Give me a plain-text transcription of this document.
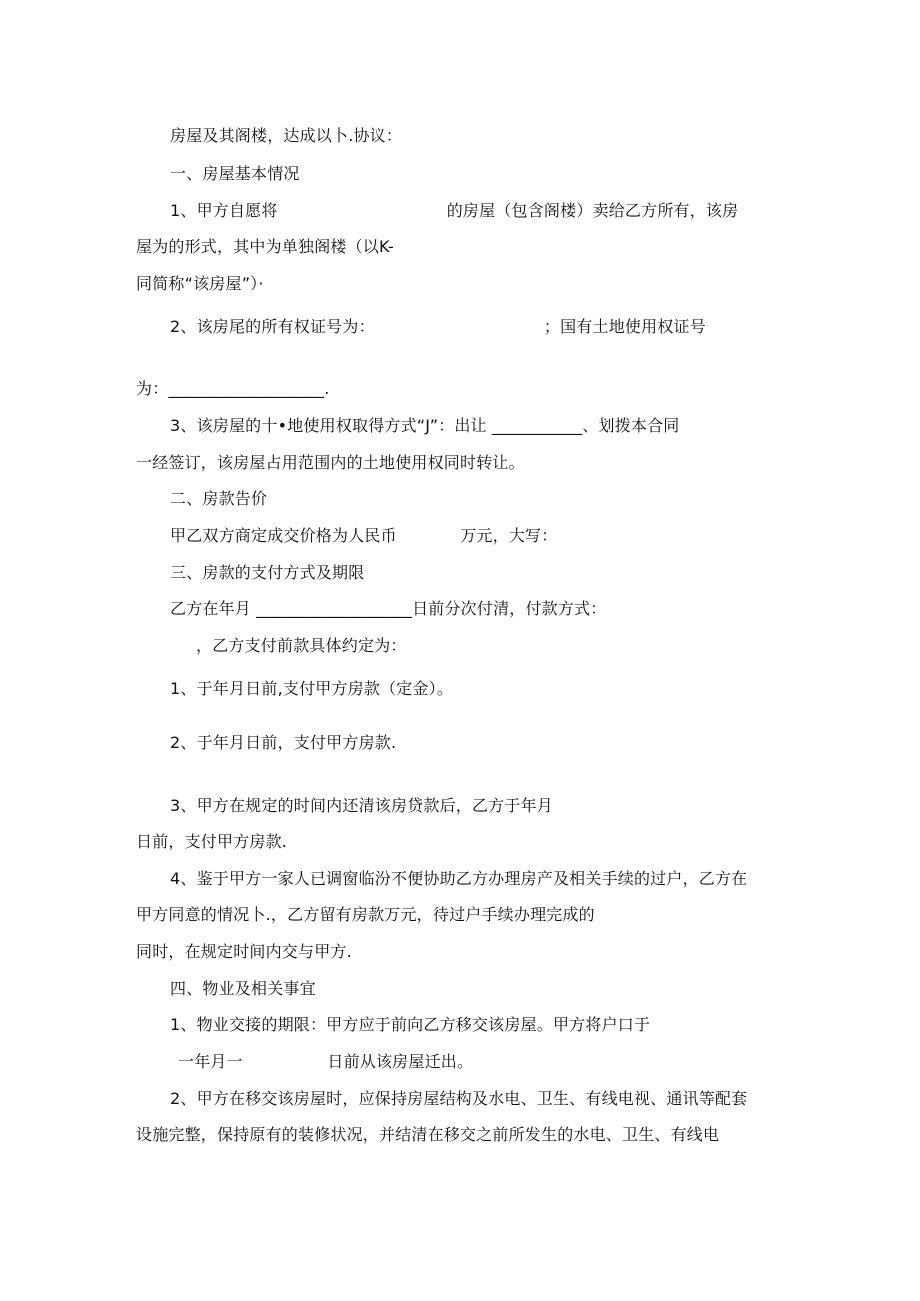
房屋及其阁楼，达成以卜.协议：
一、房屋基本情况
1、甲方自愿将                                的房屋（包含阁楼）卖给乙方所有，该房
屋为的形式，其中为单独阁楼（以K-
同简称“该房屋”）·
2、该房尾的所有权证号为：                                ；国有土地使用权证号
为：___________________.
3、该房屋的十•地使用权取得方式“J”：出让 ___________、划拨本合同
一经签订，该房屋占用范围内的土地使用权同时转让。
二、房款告价
甲乙双方商定成交价格为人民币            万元，大写：
三、房款的支付方式及期限
乙方在年月 ___________________日前分次付清，付款方式：
，乙方支付前款具体约定为：
1、于年月日前,支付甲方房款（定金）。
2、于年月日前，支付甲方房款.
3、甲方在规定的时间内还清该房贷款后，乙方于年月
日前，支付甲方房款.
4、鉴于甲方一家人已调窗临汾不便协助乙方办理房产及相关手续的过户，乙方在
甲方同意的情况卜.，乙方留有房款万元，待过户手续办理完成的
同时，在规定时间内交与甲方.
四、物业及相关事宜
1、物业交接的期限：甲方应于前向乙方移交该房屋。甲方将户口于
一年月一                日前从该房屋迁出。
2、甲方在移交该房屋时，应保持房屋结构及水电、卫生、有线电视、通讯等配套
设施完整，保持原有的装修状况，并结清在移交之前所发生的水电、卫生、有线电
